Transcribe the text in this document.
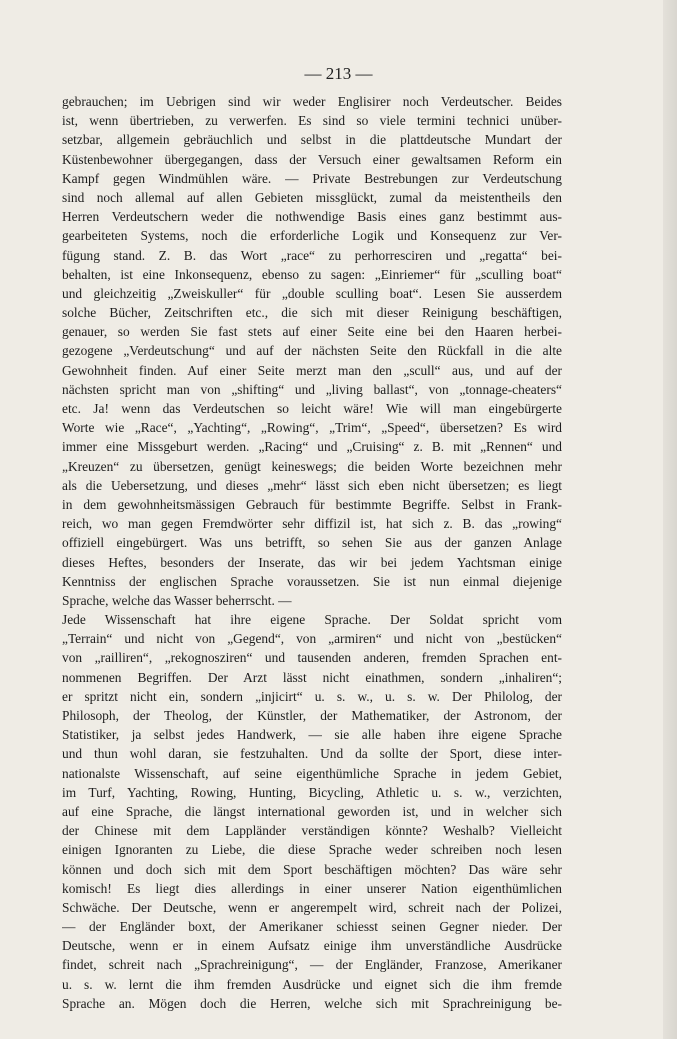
— 213 —
gebrauchen; im Uebrigen sind wir weder Englisirer noch Verdeutscher. Beides
ist, wenn übertrieben, zu verwerfen. Es sind so viele termini technici unüber-
setzbar, allgemein gebräuchlich und selbst in die plattdeutsche Mundart der
Küstenbewohner übergegangen, dass der Versuch einer gewaltsamen Reform ein
Kampf gegen Windmühlen wäre. — Private Bestrebungen zur Verdeutschung
sind noch allemal auf allen Gebieten missglückt, zumal da meistentheils den
Herren Verdeutschern weder die nothwendige Basis eines ganz bestimmt aus-
gearbeiteten Systems, noch die erforderliche Logik und Konsequenz zur Ver-
fügung stand. Z. B. das Wort „race“ zu perhorresciren und „regatta“ bei-
behalten, ist eine Inkonsequenz, ebenso zu sagen: „Einriemer“ für „sculling boat“
und gleichzeitig „Zweiskuller“ für „double sculling boat“. Lesen Sie ausserdem
solche Bücher, Zeitschriften etc., die sich mit dieser Reinigung beschäftigen,
genauer, so werden Sie fast stets auf einer Seite eine bei den Haaren herbei-
gezogene „Verdeutschung“ und auf der nächsten Seite den Rückfall in die alte
Gewohnheit finden. Auf einer Seite merzt man den „scull“ aus, und auf der
nächsten spricht man von „shifting“ und „living ballast“, von „tonnage-cheaters“
etc. Ja! wenn das Verdeutschen so leicht wäre! Wie will man eingebürgerte
Worte wie „Race“, „Yachting“, „Rowing“, „Trim“, „Speed“, übersetzen? Es wird
immer eine Missgeburt werden. „Racing“ und „Cruising“ z. B. mit „Rennen“ und
„Kreuzen“ zu übersetzen, genügt keineswegs; die beiden Worte bezeichnen mehr
als die Uebersetzung, und dieses „mehr“ lässt sich eben nicht übersetzen; es liegt
in dem gewohnheitsmässigen Gebrauch für bestimmte Begriffe. Selbst in Frank-
reich, wo man gegen Fremdwörter sehr diffizil ist, hat sich z. B. das „rowing“
offiziell eingebürgert. Was uns betrifft, so sehen Sie aus der ganzen Anlage
dieses Heftes, besonders der Inserate, das wir bei jedem Yachtsman einige
Kenntniss der englischen Sprache voraussetzen. Sie ist nun einmal diejenige
Sprache, welche das Wasser beherrscht. —
Jede Wissenschaft hat ihre eigene Sprache. Der Soldat spricht vom
„Terrain“ und nicht von „Gegend“, von „armiren“ und nicht von „bestücken“
von „railliren“, „rekognosziren“ und tausenden anderen, fremden Sprachen ent-
nommenen Begriffen. Der Arzt lässt nicht einathmen, sondern „inhaliren“;
er spritzt nicht ein, sondern „injicirt“ u. s. w., u. s. w. Der Philolog, der
Philosoph, der Theolog, der Künstler, der Mathematiker, der Astronom, der
Statistiker, ja selbst jedes Handwerk, — sie alle haben ihre eigene Sprache
und thun wohl daran, sie festzuhalten. Und da sollte der Sport, diese inter-
nationalste Wissenschaft, auf seine eigenthümliche Sprache in jedem Gebiet,
im Turf, Yachting, Rowing, Hunting, Bicycling, Athletic u. s. w., verzichten,
auf eine Sprache, die längst international geworden ist, und in welcher sich
der Chinese mit dem Lappländer verständigen könnte? Weshalb? Vielleicht
einigen Ignoranten zu Liebe, die diese Sprache weder schreiben noch lesen
können und doch sich mit dem Sport beschäftigen möchten? Das wäre sehr
komisch! Es liegt dies allerdings in einer unserer Nation eigenthümlichen
Schwäche. Der Deutsche, wenn er angerempelt wird, schreit nach der Polizei,
— der Engländer boxt, der Amerikaner schiesst seinen Gegner nieder. Der
Deutsche, wenn er in einem Aufsatz einige ihm unverständliche Ausdrücke
findet, schreit nach „Sprachreinigung“, — der Engländer, Franzose, Amerikaner
u. s. w. lernt die ihm fremden Ausdrücke und eignet sich die ihm fremde
Sprache an. Mögen doch die Herren, welche sich mit Sprachreinigung be-
